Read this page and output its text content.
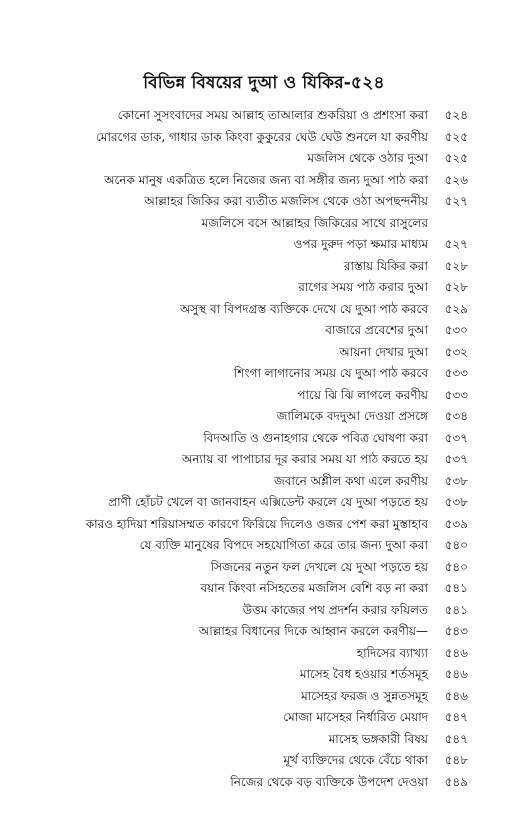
বিভিন্ন বিষয়ের দুআ ও যিকির-৫২৪
কোনো সুসংবাদের সময় আল্লাহ তাআলার শুকরিয়া ও প্রশংসা করা	৫২৪
মোরগের ডাক, গাধার ডাক কিংবা কুকুরের ঘেউ ঘেউ শুনলে যা করণীয়	৫২৫
মজলিস থেকে ওঠার দুআ	৫২৫
অনেক মানুষ একত্রিত হলে নিজের জন্য বা সঙ্গীর জন্য দুআ পাঠ করা	৫২৬
আল্লাহর জিকির করা ব্যতীত মজলিস থেকে ওঠা অপছন্দনীয়	৫২৭
মজলিসে বসে আল্লাহর জিকিরের সাথে রাসুলের
ওপর দুরুদ পড়া ক্ষমার মাধ্যম	৫২৭
রাস্তায় যিকির করা	৫২৮
রাগের সময় পাঠ করার দুআ	৫২৮
অসুস্থ বা বিপদগ্রস্ত ব্যক্তিকে দেখে যে দুআ পাঠ করবে	৫২৯
বাজারে প্রবেশের দুআ	৫৩০
আয়না দেখার দুআ	৫৩২
শিংগা লাগানোর সময় যে দুআ পাঠ করবে	৫৩৩
পায়ে ঝি ঝি লাগলে করণীয়	৫৩৩
জালিমকে বদদুআ দেওয়া প্রসঙ্গে	৫৩৪
বিদআতি ও গুনাহগার থেকে পবিত্র ঘোষণা করা	৫৩৭
অন্যায় বা পাপাচার দূর করার সময় যা পাঠ করতে হয়	৫৩৭
জবানে অশ্লীল কথা এলে করণীয়	৫৩৮
প্রাণী হোঁচট খেলে বা জানবাহন এক্সিডেন্ট করলে যে দুআ পড়তে হয়	৫৩৮
কারও হাদিয়া শরিয়াসম্মত কারণে ফিরিয়ে দিলেও ওজর পেশ করা মুস্তাহাব	৫৩৯
যে ব্যক্তি মানুষের বিপদে সহযোগিতা করে তার জন্য দুআ করা	৫৪০
সিজনের নতুন ফল দেখলে যে দুআ পড়তে হয়	৫৪০
বয়ান কিংবা নসিহতের মজলিস বেশি বড় না করা	৫৪১
উত্তম কাজের পথ প্রদর্শন করার ফযিলত	৫৪১
আল্লাহর বিধানের দিকে আহ্বান করলে করণীয়—	৫৪৩
হাদিসের ব্যাখ্যা	৫৪৬
মাসেহ বৈধ হওয়ার শর্তসমূহ	৫৪৬
মাসেহর ফরজ ও সুন্নতসমূহ	৫৪৬
মোজা মাসেহর নির্ধারিত মেয়াদ	৫৪৭
মাসেহ ভঙ্গকারী বিষয়	৫৪৭
মূর্খ ব্যক্তিদের থেকে বেঁচে থাকা	৫৪৮
নিজের থেকে বড় ব্যক্তিকে উপদেশ দেওয়া	৫৪৯
